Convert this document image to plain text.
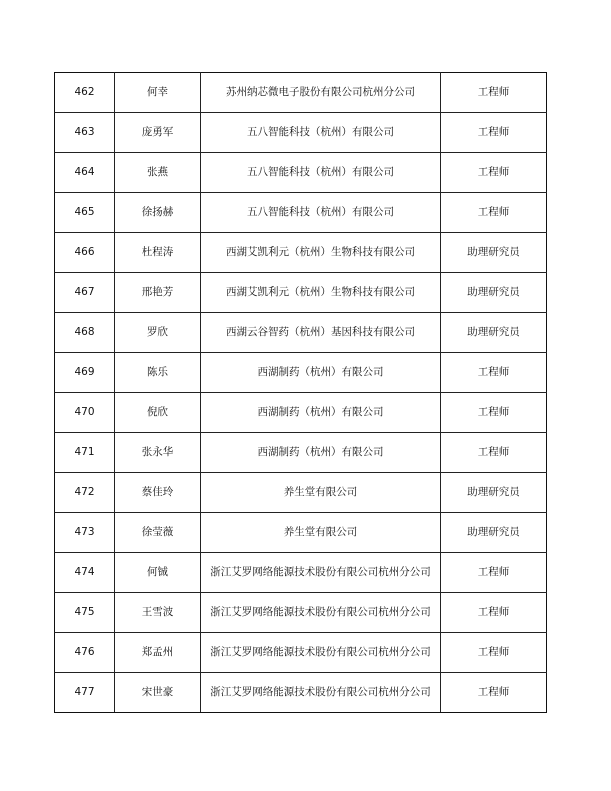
462	何幸	苏州纳芯微电子股份有限公司杭州分公司	工程师
463	庞勇军	五八智能科技（杭州）有限公司	工程师
464	张燕	五八智能科技（杭州）有限公司	工程师
465	徐扬赫	五八智能科技（杭州）有限公司	工程师
466	杜程涛	西湖艾凯利元（杭州）生物科技有限公司	助理研究员
467	邢艳芳	西湖艾凯利元（杭州）生物科技有限公司	助理研究员
468	罗欣	西湖云谷智药（杭州）基因科技有限公司	助理研究员
469	陈乐	西湖制药（杭州）有限公司	工程师
470	倪欣	西湖制药（杭州）有限公司	工程师
471	张永华	西湖制药（杭州）有限公司	工程师
472	蔡佳玲	养生堂有限公司	助理研究员
473	徐莹薇	养生堂有限公司	助理研究员
474	何铖	浙江艾罗网络能源技术股份有限公司杭州分公司	工程师
475	王雪波	浙江艾罗网络能源技术股份有限公司杭州分公司	工程师
476	郑孟州	浙江艾罗网络能源技术股份有限公司杭州分公司	工程师
477	宋世豪	浙江艾罗网络能源技术股份有限公司杭州分公司	工程师
